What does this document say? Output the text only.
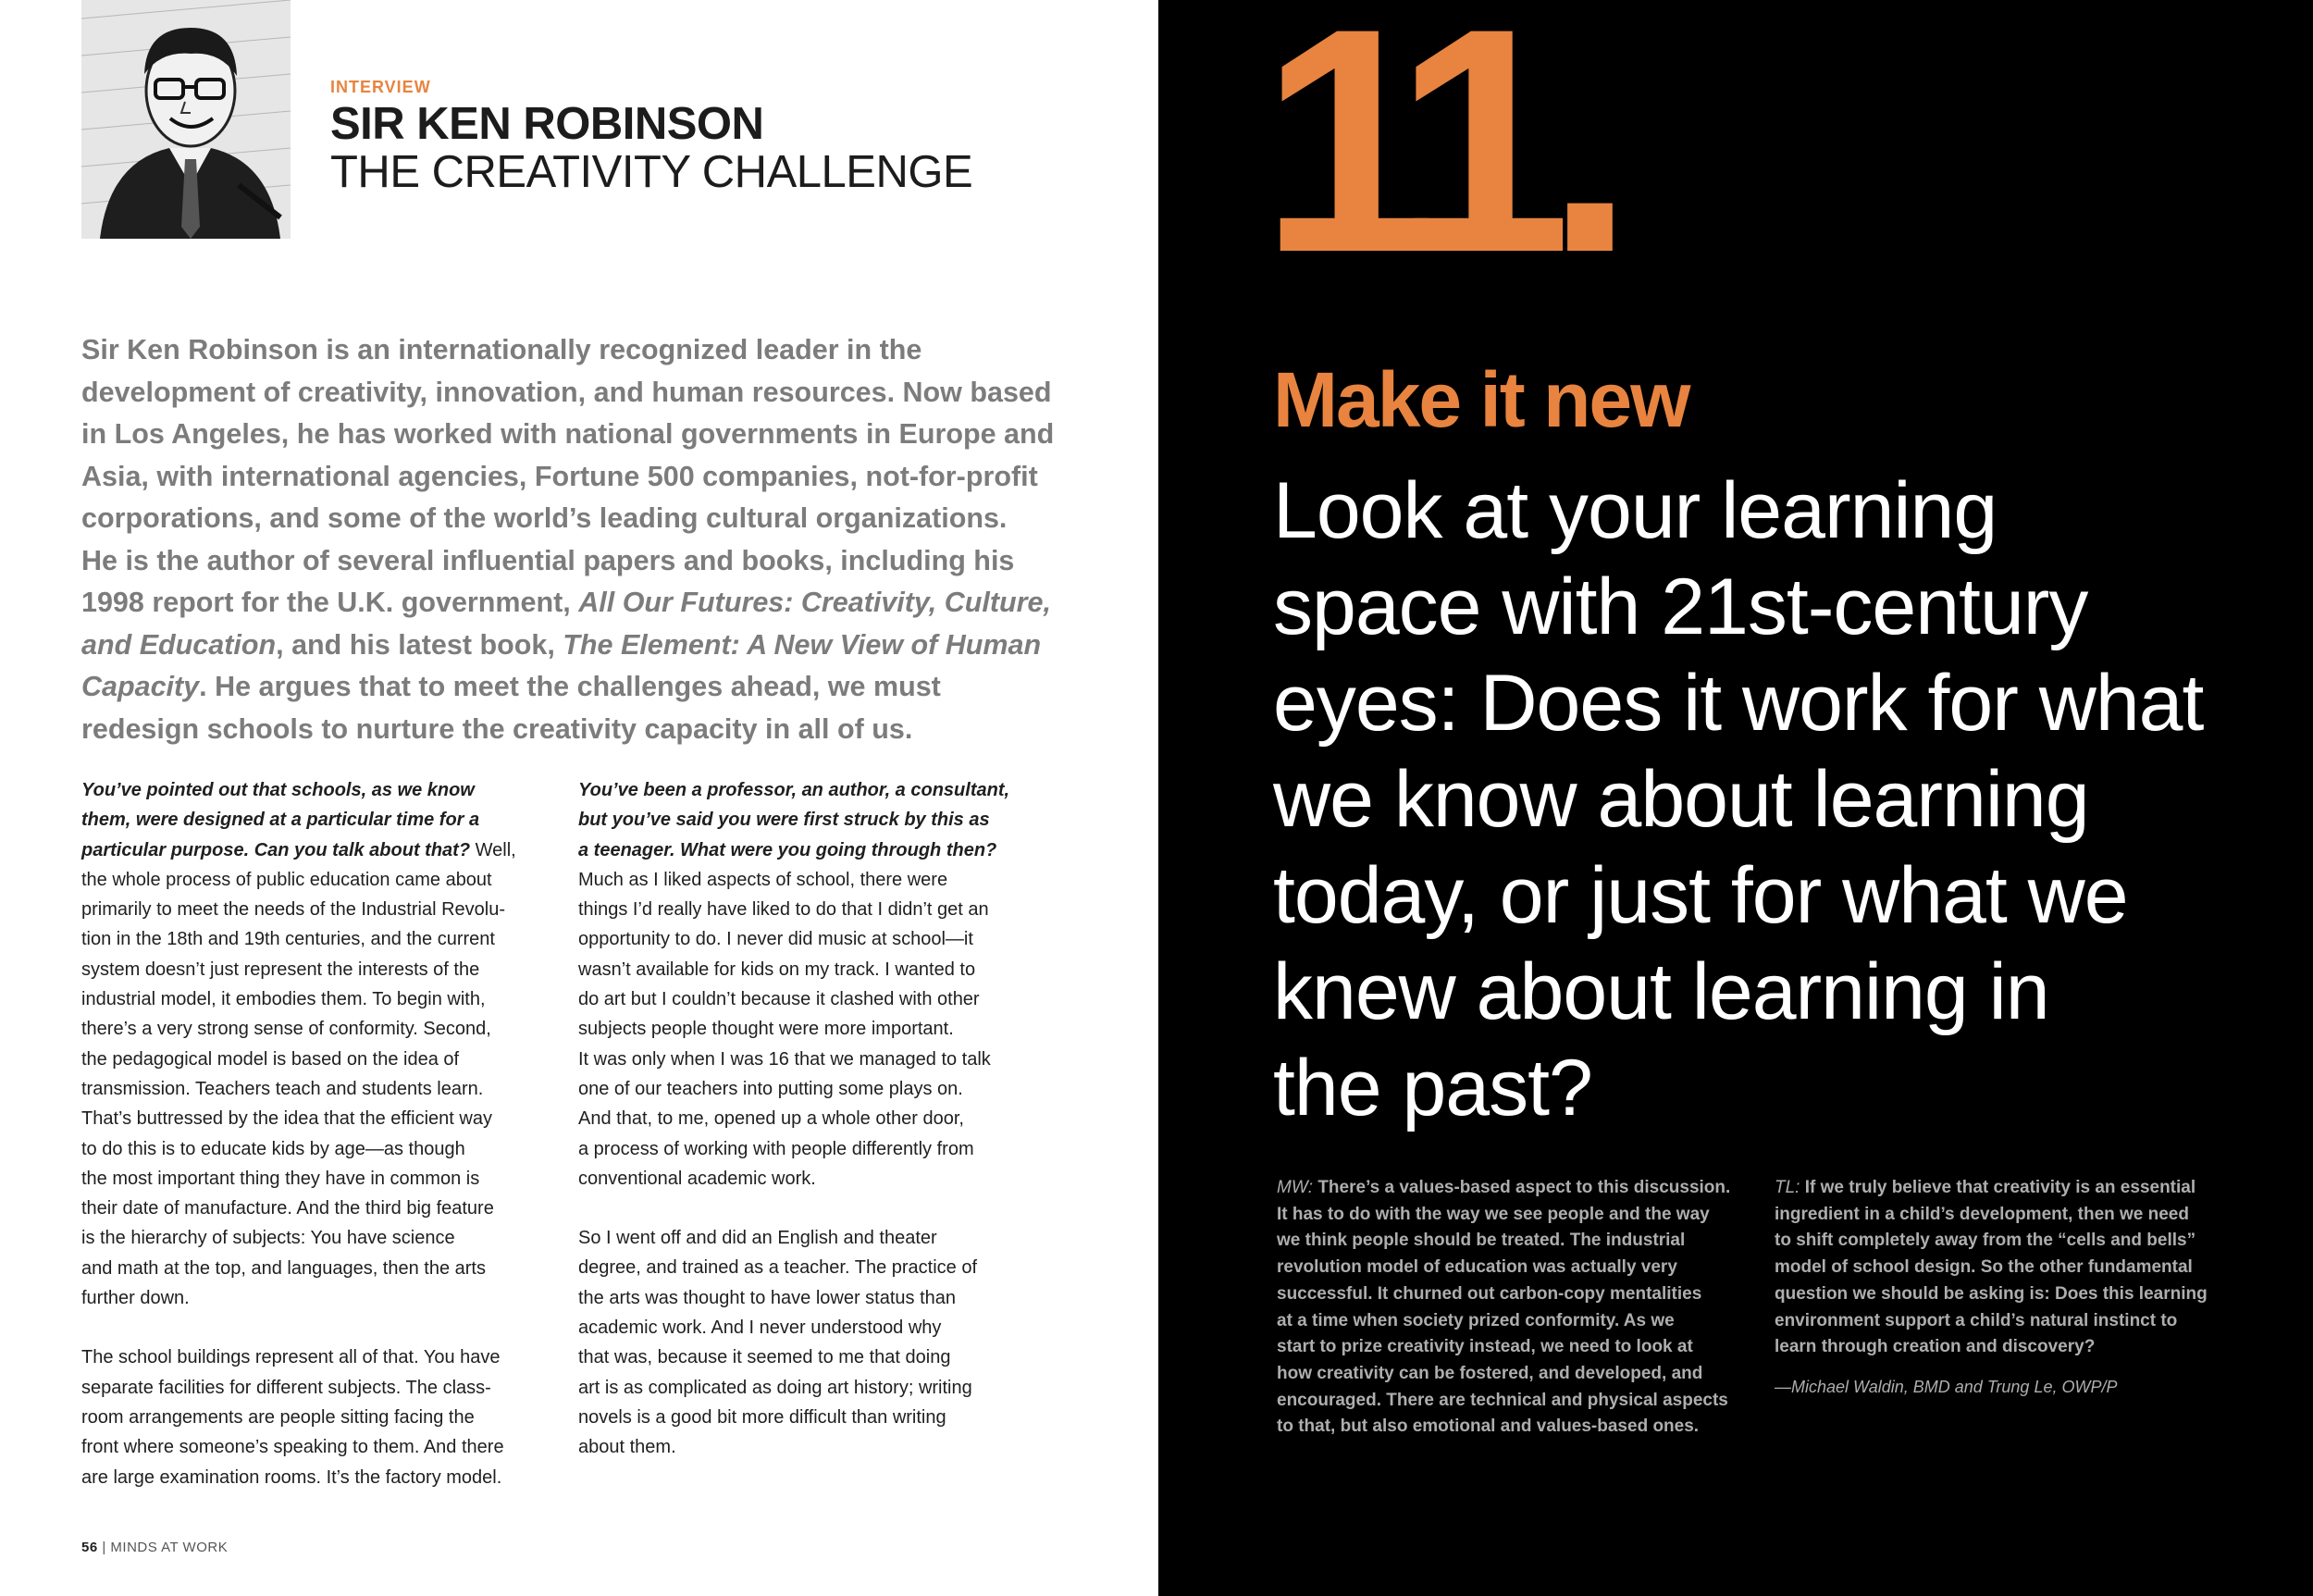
INTERVIEW
SIR KEN ROBINSON
THE CREATIVITY CHALLENGE

Sir Ken Robinson is an internationally recognized leader in the
development of creativity, innovation, and human resources. Now based
in Los Angeles, he has worked with national governments in Europe and
Asia, with international agencies, Fortune 500 companies, not-for-profit
corporations, and some of the world’s leading cultural organizations.
He is the author of several influential papers and books, including his
1998 report for the U.K. government, All Our Futures: Creativity, Culture,
and Education, and his latest book, The Element: A New View of Human
Capacity. He argues that to meet the challenges ahead, we must
redesign schools to nurture the creativity capacity in all of us.

You’ve pointed out that schools, as we know
them, were designed at a particular time for a
particular purpose. Can you talk about that? Well,
the whole process of public education came about
primarily to meet the needs of the Industrial Revolu-
tion in the 18th and 19th centuries, and the current
system doesn’t just represent the interests of the
industrial model, it embodies them. To begin with,
there’s a very strong sense of conformity. Second,
the pedagogical model is based on the idea of
transmission. Teachers teach and students learn.
That’s buttressed by the idea that the efficient way
to do this is to educate kids by age—as though
the most important thing they have in common is
their date of manufacture. And the third big feature
is the hierarchy of subjects: You have science
and math at the top, and languages, then the arts
further down.

The school buildings represent all of that. You have
separate facilities for different subjects. The class-
room arrangements are people sitting facing the
front where someone’s speaking to them. And there
are large examination rooms. It’s the factory model.

You’ve been a professor, an author, a consultant,
but you’ve said you were first struck by this as
a teenager. What were you going through then?
Much as I liked aspects of school, there were
things I’d really have liked to do that I didn’t get an
opportunity to do. I never did music at school—it
wasn’t available for kids on my track. I wanted to
do art but I couldn’t because it clashed with other
subjects people thought were more important.
It was only when I was 16 that we managed to talk
one of our teachers into putting some plays on.
And that, to me, opened up a whole other door,
a process of working with people differently from
conventional academic work.

So I went off and did an English and theater
degree, and trained as a teacher. The practice of
the arts was thought to have lower status than
academic work. And I never understood why
that was, because it seemed to me that doing
art is as complicated as doing art history; writing
novels is a good bit more difficult than writing
about them.

56 | MINDS AT WORK
11.
Make it new
Look at your learning
space with 21st-century
eyes: Does it work for what
we know about learning
today, or just for what we
knew about learning in
the past?
MW: There’s a values-based aspect to this discussion.
It has to do with the way we see people and the way
we think people should be treated. The industrial
revolution model of education was actually very
successful. It churned out carbon-copy mentalities
at a time when society prized conformity. As we
start to prize creativity instead, we need to look at
how creativity can be fostered, and developed, and
encouraged. There are technical and physical aspects
to that, but also emotional and values-based ones.
TL: If we truly believe that creativity is an essential
ingredient in a child’s development, then we need
to shift completely away from the “cells and bells”
model of school design. So the other fundamental
question we should be asking is: Does this learning
environment support a child’s natural instinct to
learn through creation and discovery?
—Michael Waldin, BMD and Trung Le, OWP/P
